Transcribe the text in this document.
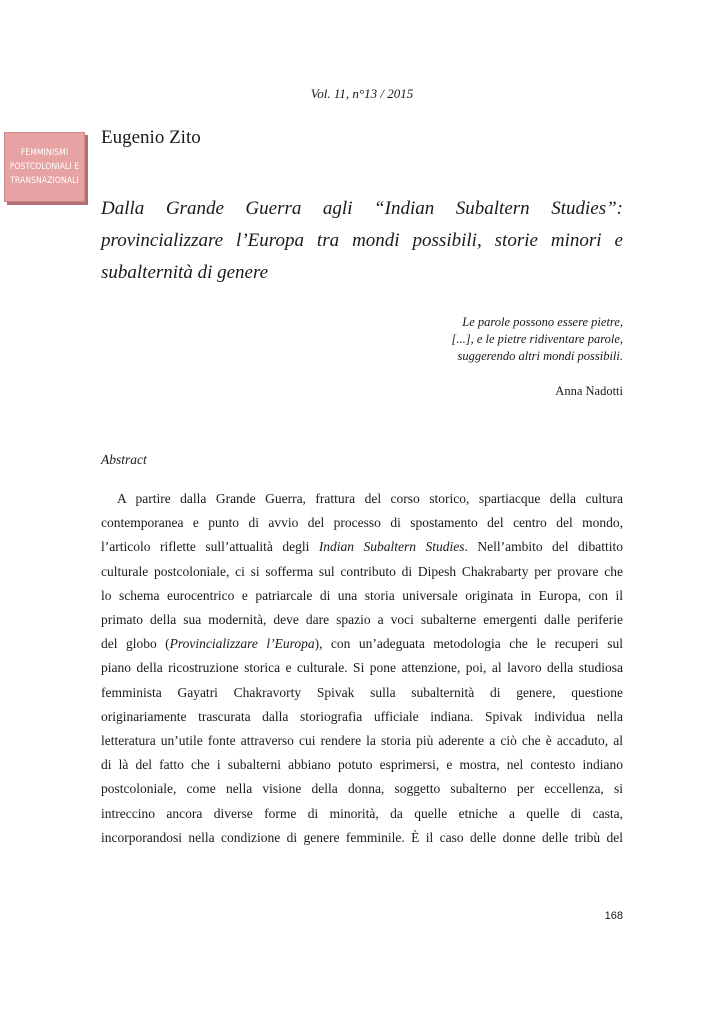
Vol. 11, n°13 / 2015
FEMMINISMI
POSTCOLONIALI E
TRANSNAZIONALI
Eugenio Zito
Dalla Grande Guerra agli “Indian Subaltern Studies”: provincializzare l’Europa tra mondi possibili, storie minori e subalternità di genere
Le parole possono essere pietre,
[...], e le pietre ridiventare parole,
suggerendo altri mondi possibili.
Anna Nadotti
Abstract
A partire dalla Grande Guerra, frattura del corso storico, spartiacque della cultura
contemporanea e punto di avvio del processo di spostamento del centro del mondo,
l’articolo riflette sull’attualità degli Indian Subaltern Studies. Nell’ambito del dibattito
culturale postcoloniale, ci si sofferma sul contributo di Dipesh Chakrabarty per provare che
lo schema eurocentrico e patriarcale di una storia universale originata in Europa, con il
primato della sua modernità, deve dare spazio a voci subalterne emergenti dalle periferie
del globo (Provincializzare l’Europa), con un’adeguata metodologia che le recuperi sul
piano della ricostruzione storica e culturale. Si pone attenzione, poi, al lavoro della studiosa
femminista Gayatri Chakravorty Spivak sulla subalternità di genere, questione
originariamente trascurata dalla storiografia ufficiale indiana. Spivak individua nella
letteratura un’utile fonte attraverso cui rendere la storia più aderente a ciò che è accaduto, al
di là del fatto che i subalterni abbiano potuto esprimersi, e mostra, nel contesto indiano
postcoloniale, come nella visione della donna, soggetto subalterno per eccellenza, si
intreccino ancora diverse forme di minorità, da quelle etniche a quelle di casta,
incorporandosi nella condizione di genere femminile. È il caso delle donne delle tribù del
168
